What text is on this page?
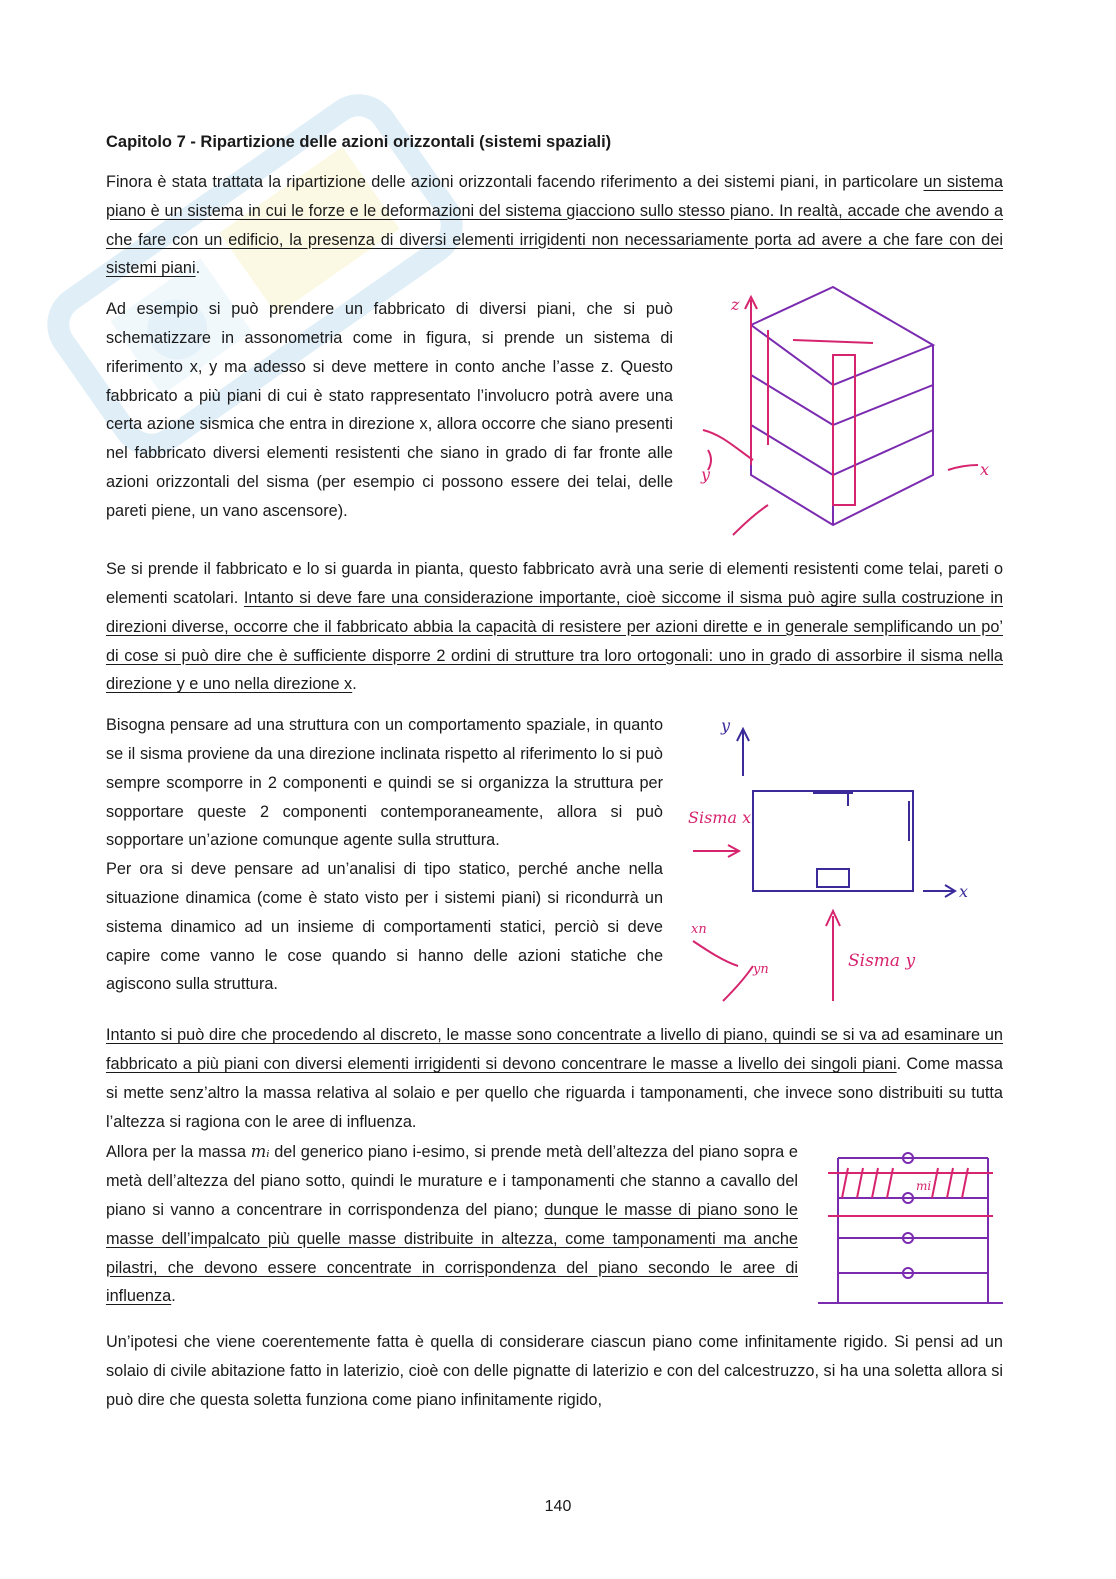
Capitolo 7 - Ripartizione delle azioni orizzontali (sistemi spaziali)

Finora è stata trattata la ripartizione delle azioni orizzontali facendo riferimento a dei sistemi piani, in particolare un sistema piano è un sistema in cui le forze e le deformazioni del sistema giacciono sullo stesso piano. In realtà, accade che avendo a che fare con un edificio, la presenza di diversi elementi irrigidenti non necessariamente porta ad avere a che fare con dei sistemi piani.

Ad esempio si può prendere un fabbricato di diversi piani, che si può schematizzare in assonometria come in figura, si prende un sistema di riferimento x, y ma adesso si deve mettere in conto anche l’asse z. Questo fabbricato a più piani di cui è stato rappresentato l’involucro potrà avere una certa azione sismica che entra in direzione x, allora occorre che siano presenti nel fabbricato diversi elementi resistenti che siano in grado di far fronte alle azioni orizzontali del sisma (per esempio ci possono essere dei telai, delle pareti piene, un vano ascensore).
z
y	x

Se si prende il fabbricato e lo si guarda in pianta, questo fabbricato avrà una serie di elementi resistenti come telai, pareti o elementi scatolari. Intanto si deve fare una considerazione importante, cioè siccome il sisma può agire sulla costruzione in direzioni diverse, occorre che il fabbricato abbia la capacità di resistere per azioni dirette e in generale semplificando un po’ di cose si può dire che è sufficiente disporre 2 ordini di strutture tra loro ortogonali: uno in grado di assorbire il sisma nella direzione y e uno nella direzione x.

Bisogna pensare ad una struttura con un comportamento spaziale, in quanto se il sisma proviene da una direzione inclinata rispetto al riferimento lo si può sempre scomporre in 2 componenti e quindi se si organizza la struttura per sopportare queste 2 componenti contemporaneamente, allora si può sopportare un’azione comunque agente sulla struttura.
Per ora si deve pensare ad un’analisi di tipo statico, perché anche nella situazione dinamica (come è stato visto per i sistemi piani) si ricondurrà un sistema dinamico ad un insieme di comportamenti statici, perciò si deve capire come vanno le cose quando si hanno delle azioni statiche che agiscono sulla struttura.
Sisma x
Sisma y
y
x
xn
yn

Intanto si può dire che procedendo al discreto, le masse sono concentrate a livello di piano, quindi se si va ad esaminare un fabbricato a più piani con diversi elementi irrigidenti si devono concentrare le masse a livello dei singoli piani. Come massa si mette senz’altro la massa relativa al solaio e per quello che riguarda i tamponamenti, che invece sono distribuiti su tutta l’altezza si ragiona con le aree di influenza.

Allora per la massa mᵢ del generico piano i-esimo, si prende metà dell’altezza del piano sopra e metà dell’altezza del piano sotto, quindi le murature e i tamponamenti che stanno a cavallo del piano si vanno a concentrare in corrispondenza del piano; dunque le masse di piano sono le masse dell’impalcato più quelle masse distribuite in altezza, come tamponamenti ma anche pilastri, che devono essere concentrate in corrispondenza del piano secondo le aree di influenza.
mi

Un’ipotesi che viene coerentemente fatta è quella di considerare ciascun piano come infinitamente rigido. Si pensi ad un solaio di civile abitazione fatto in laterizio, cioè con delle pignatte di laterizio e con del calcestruzzo, si ha una soletta allora si può dire che questa soletta funziona come piano infinitamente rigido,

140
